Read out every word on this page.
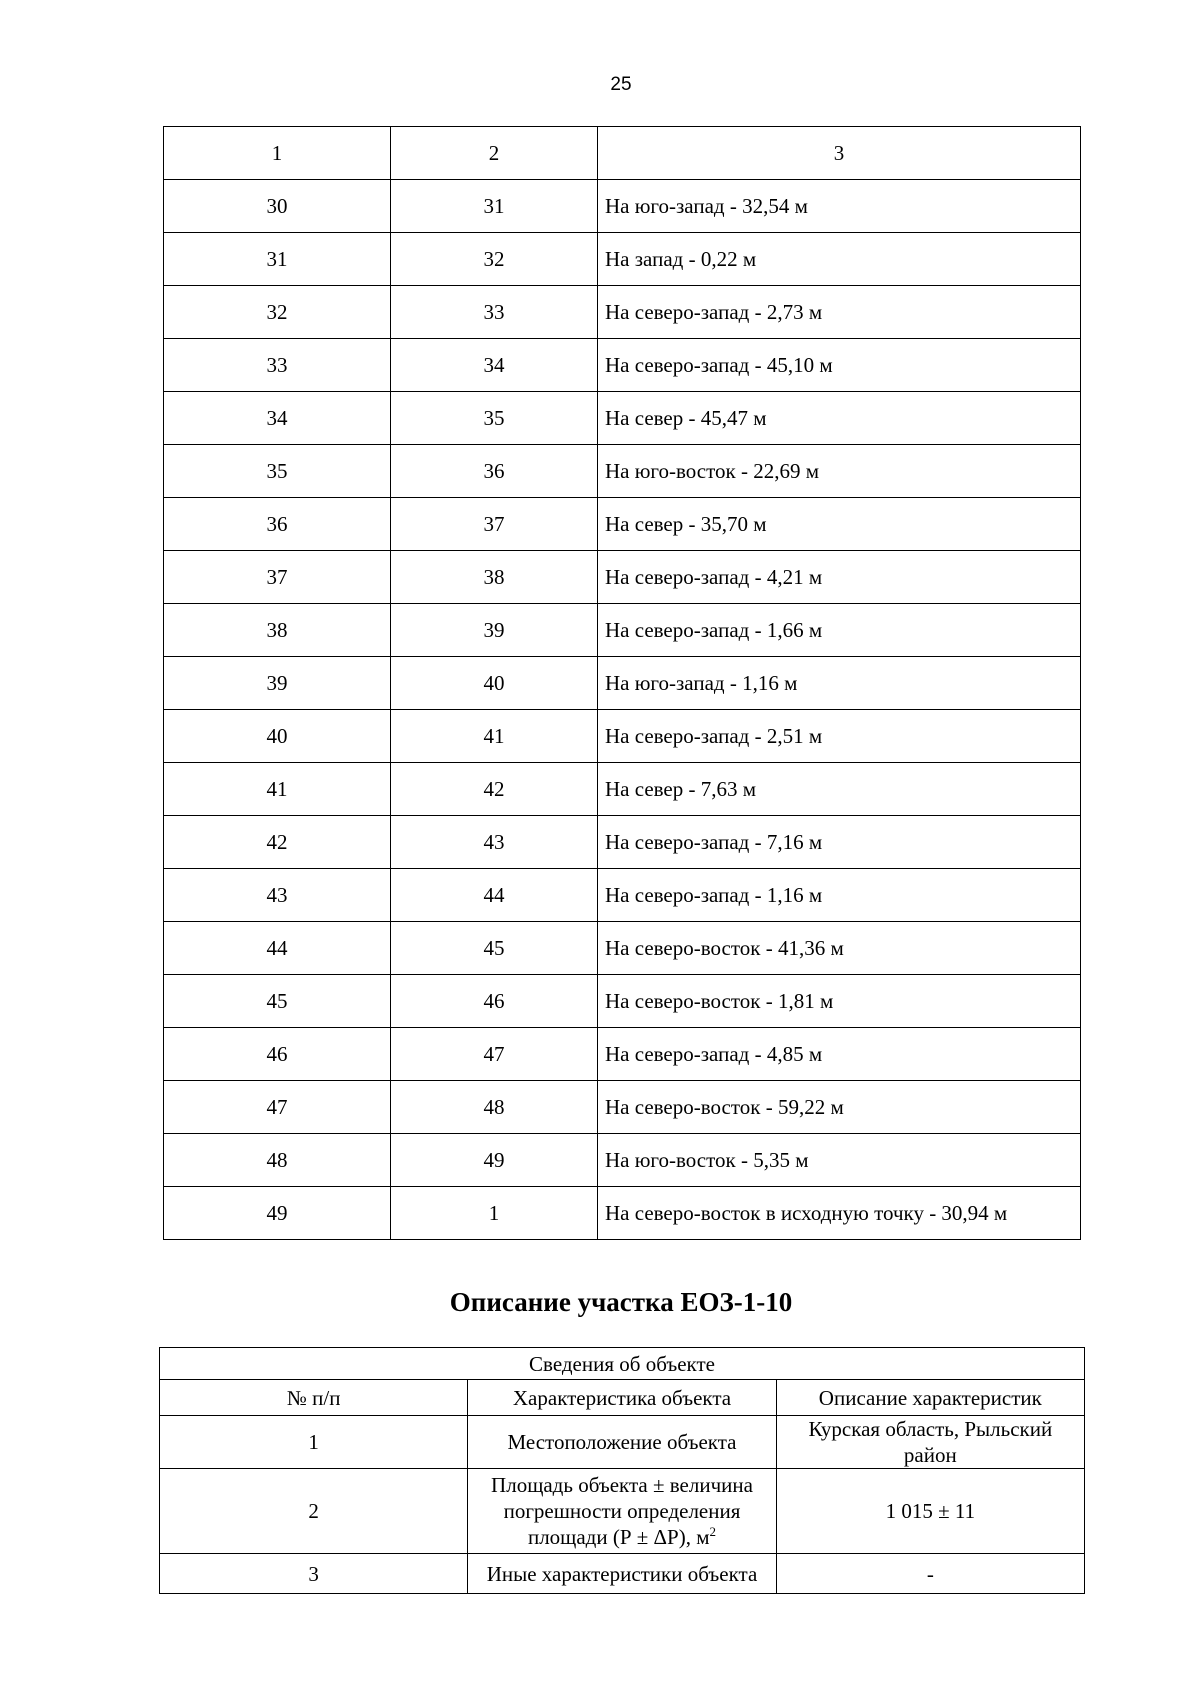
25
1	2	3
30	31	На юго-запад - 32,54 м
31	32	На запад - 0,22 м
32	33	На северо-запад - 2,73 м
33	34	На северо-запад - 45,10 м
34	35	На север - 45,47 м
35	36	На юго-восток - 22,69 м
36	37	На север - 35,70 м
37	38	На северо-запад - 4,21 м
38	39	На северо-запад - 1,66 м
39	40	На юго-запад - 1,16 м
40	41	На северо-запад - 2,51 м
41	42	На север - 7,63 м
42	43	На северо-запад - 7,16 м
43	44	На северо-запад - 1,16 м
44	45	На северо-восток - 41,36 м
45	46	На северо-восток - 1,81 м
46	47	На северо-запад - 4,85 м
47	48	На северо-восток - 59,22 м
48	49	На юго-восток - 5,35 м
49	1	На северо-восток в исходную точку - 30,94 м
Описание участка ЕОЗ-1-10
Сведения об объекте		
№ п/п	Характеристика объекта	Описание характеристик
1	Местоположение объекта	Курская область, Рыльский район
2	Площадь объекта ± величина
погрешности определения
площади (Р ± ΔР), $м^2$	1 015 ± 11
3	Иные характеристики объекта	-
